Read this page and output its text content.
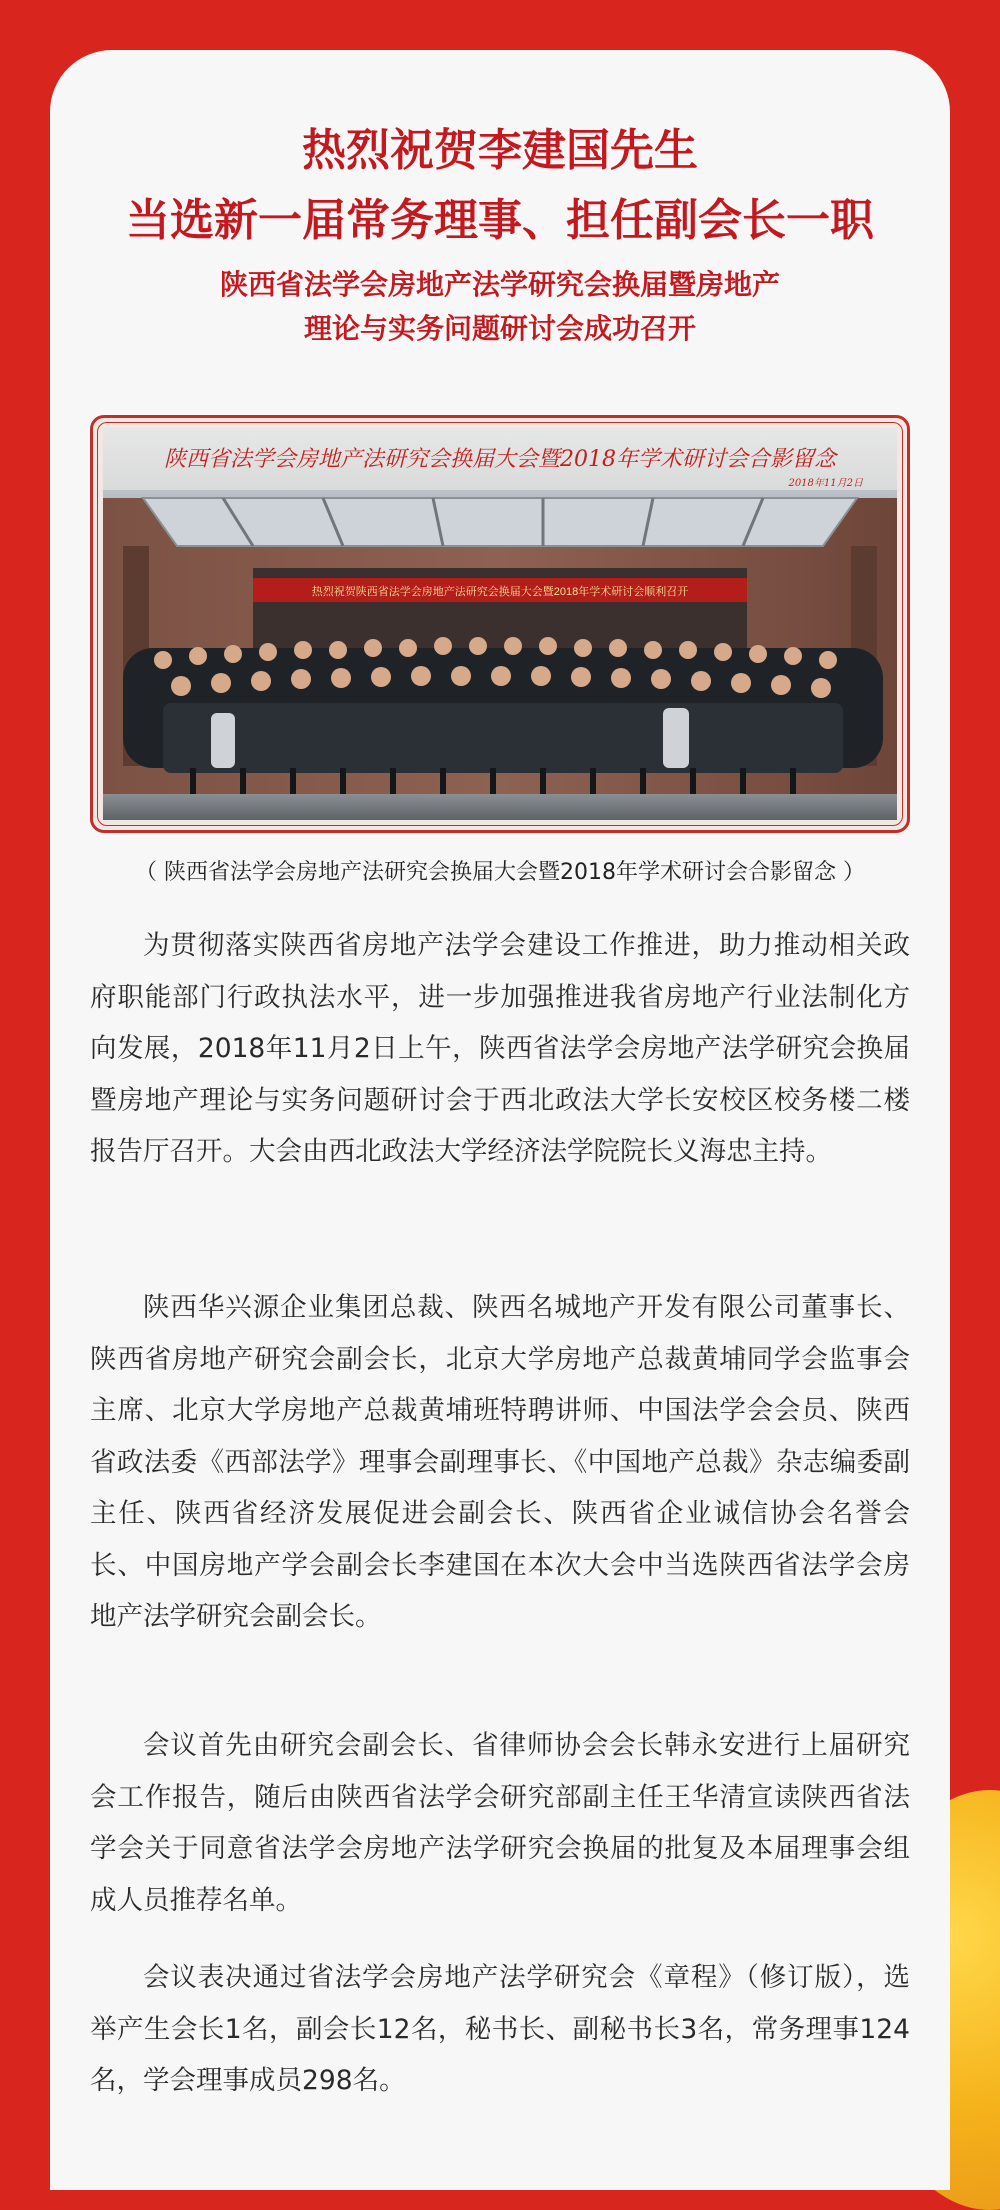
热烈祝贺李建国先生
当选新一届常务理事、担任副会长一职
陕西省法学会房地产法学研究会换届暨房地产
理论与实务问题研讨会成功召开
热烈祝贺陕西省法学会房地产法研究会换届大会暨2018年学术研讨会顺利召开
陕西省法学会房地产法研究会换届大会暨2018年学术研讨会合影留念
2018年11月2日

（ 陕西省法学会房地产法研究会换届大会暨2018年学术研讨会合影留念 ）

为贯彻落实陕西省房地产法学会建设工作推进，助力推动相关政府职能部门行政执法水平，进一步加强推进我省房地产行业法制化方向发展，2018年11月2日上午，陕西省法学会房地产法学研究会换届暨房地产理论与实务问题研讨会于西北政法大学长安校区校务楼二楼报告厅召开。大会由西北政法大学经济法学院院长义海忠主持。

陕西华兴源企业集团总裁、陕西名城地产开发有限公司董事长、陕西省房地产研究会副会长，北京大学房地产总裁黄埔同学会监事会主席、北京大学房地产总裁黄埔班特聘讲师、中国法学会会员、陕西省政法委《西部法学》理事会副理事长、《中国地产总裁》杂志编委副主任、陕西省经济发展促进会副会长、陕西省企业诚信协会名誉会长、中国房地产学会副会长李建国在本次大会中当选陕西省法学会房地产法学研究会副会长。

会议首先由研究会副会长、省律师协会会长韩永安进行上届研究会工作报告，随后由陕西省法学会研究部副主任王华清宣读陕西省法学会关于同意省法学会房地产法学研究会换届的批复及本届理事会组成人员推荐名单。

会议表决通过省法学会房地产法学研究会《章程》（修订版），选举产生会长1名，副会长12名，秘书长、副秘书长3名，常务理事124名，学会理事成员298名。
